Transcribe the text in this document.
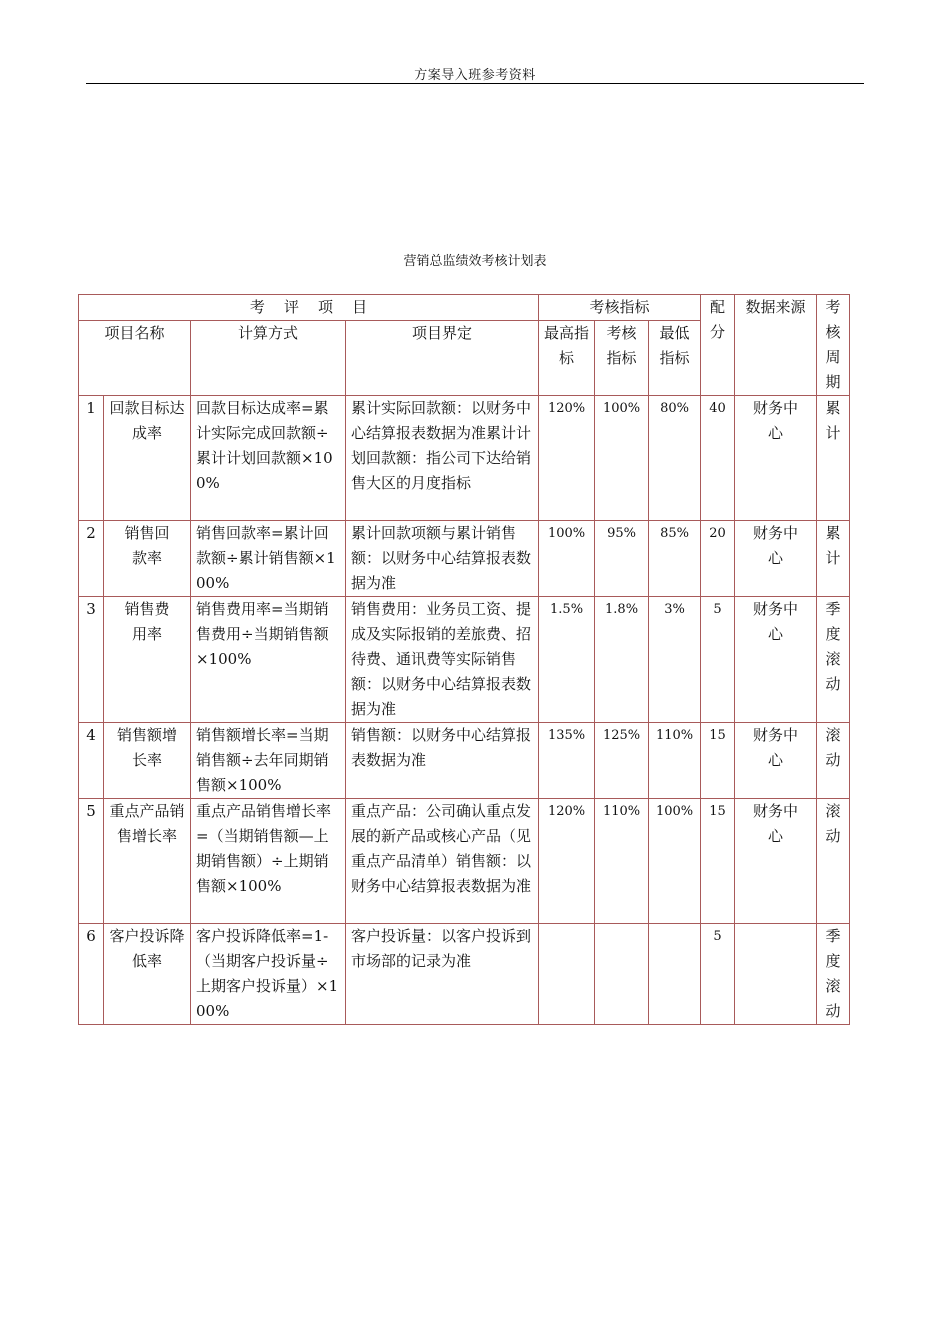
方案导入班参考资料
营销总监绩效考核计划表
考    评    项    目				考核指标			配分	数据来源	考核周期
项目名称		计算方式	项目界定	最高指标	考核指标	最低指标			
1	回款目标达成率	回款目标达成率=累计实际完成回款额÷累计计划回款额×100%	累计实际回款额：以财务中心结算报表数据为准累计计划回款额：指公司下达给销售大区的月度指标	120%	100%	80%	40	财务中心	累计
2	销售回款率	销售回款率=累计回款额÷累计销售额×100%	累计回款项额与累计销售额：以财务中心结算报表数据为准	100%	95%	85%	20	财务中心	累计
3	销售费用率	销售费用率=当期销售费用÷当期销售额×100%	销售费用：业务员工资、提成及实际报销的差旅费、招待费、通讯费等实际销售额：以财务中心结算报表数据为准	1.5%	1.8%	3%	5	财务中心	季度滚动
4	销售额增长率	销售额增长率=当期销售额÷去年同期销售额×100%	销售额：以财务中心结算报表数据为准	135%	125%	110%	15	财务中心	滚动
5	重点产品销售增长率	重点产品销售增长率=（当期销售额—上期销售额）÷上期销售额×100%	重点产品：公司确认重点发展的新产品或核心产品（见重点产品清单）销售额：以财务中心结算报表数据为准	120%	110%	100%	15	财务中心	滚动
6	客户投诉降低率	客户投诉降低率=1-（当期客户投诉量÷上期客户投诉量）×100%	客户投诉量：以客户投诉到市场部的记录为准				5		季度滚动
